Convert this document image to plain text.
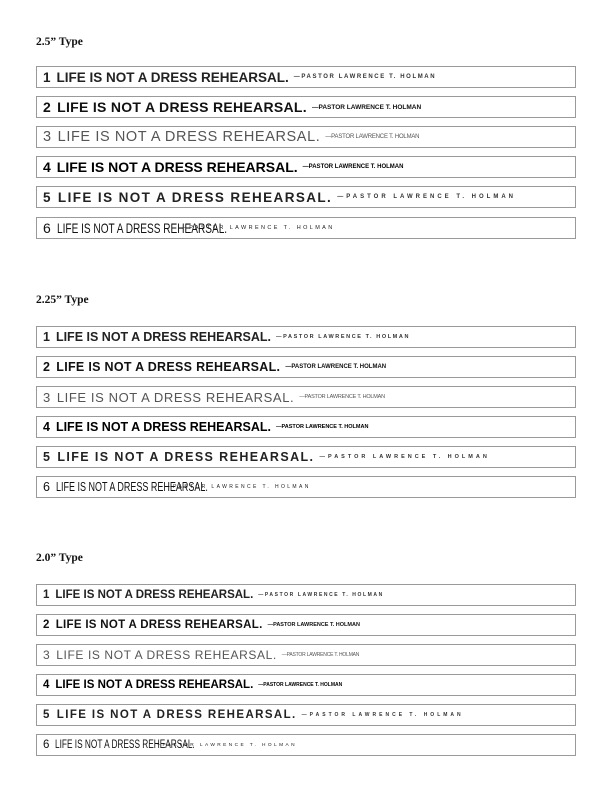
2.5” Type
1 LIFE IS NOT A DRESS REHEARSAL. —PASTOR LAWRENCE T. HOLMAN
2 LIFE IS NOT A DRESS REHEARSAL. —PASTOR LAWRENCE T. HOLMAN
3 LIFE IS NOT A DRESS REHEARSAL. —PASTOR LAWRENCE T. HOLMAN
4 LIFE IS NOT A DRESS REHEARSAL. —PASTOR LAWRENCE T. HOLMAN
5 LIFE IS NOT A DRESS REHEARSAL. —PASTOR LAWRENCE T. HOLMAN
6 LIFE IS NOT A DRESS REHEARSAL.
–PASTOR LAWRENCE T. HOLMAN
2.25” Type
1 LIFE IS NOT A DRESS REHEARSAL. —PASTOR LAWRENCE T. HOLMAN
2 LIFE IS NOT A DRESS REHEARSAL. —PASTOR LAWRENCE T. HOLMAN
3 LIFE IS NOT A DRESS REHEARSAL. —PASTOR LAWRENCE T. HOLMAN
4 LIFE IS NOT A DRESS REHEARSAL. —PASTOR LAWRENCE T. HOLMAN
5 LIFE IS NOT A DRESS REHEARSAL. —PASTOR LAWRENCE T. HOLMAN
6 LIFE IS NOT A DRESS REHEARSAL.
–PASTOR LAWRENCE T. HOLMAN
2.0” Type
1 LIFE IS NOT A DRESS REHEARSAL. —PASTOR LAWRENCE T. HOLMAN
2 LIFE IS NOT A DRESS REHEARSAL. —PASTOR LAWRENCE T. HOLMAN
3 LIFE IS NOT A DRESS REHEARSAL. —PASTOR LAWRENCE T. HOLMAN
4 LIFE IS NOT A DRESS REHEARSAL. —PASTOR LAWRENCE T. HOLMAN
5 LIFE IS NOT A DRESS REHEARSAL. —PASTOR LAWRENCE T. HOLMAN
6 LIFE IS NOT A DRESS REHEARSAL.
–PASTOR LAWRENCE T. HOLMAN
